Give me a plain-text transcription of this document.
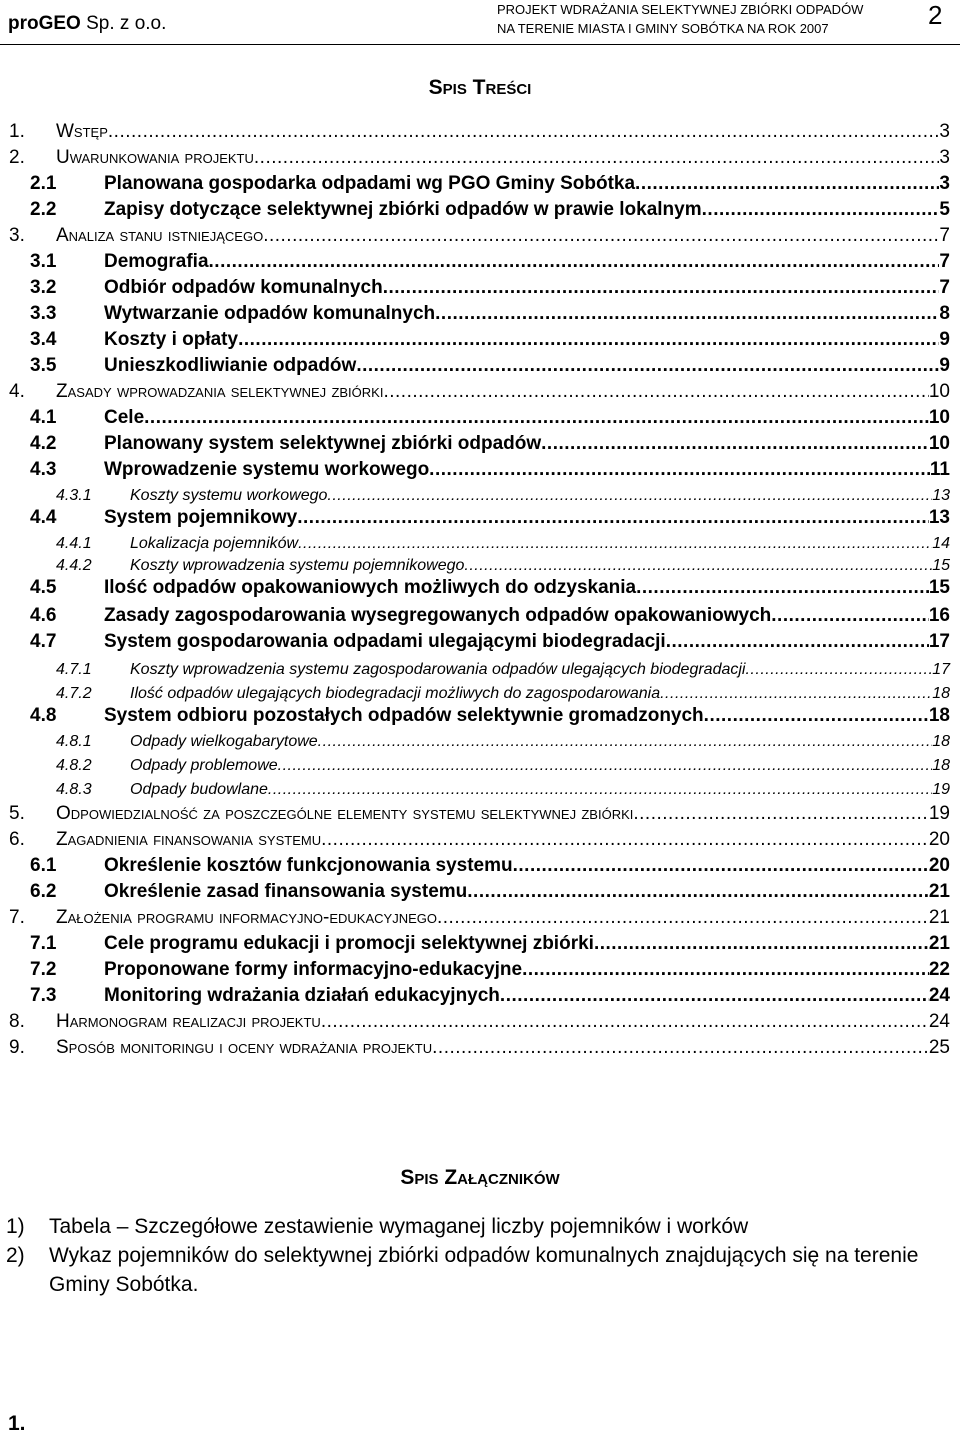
proGEO Sp. z o.o.
PROJEKT WDRAŻANIA SELEKTYWNEJ ZBIÓRKI ODPADÓW
NA TERENIE MIASTA I GMINY SOBÓTKA NA ROK 2007	2
Spis Treści
1. Wstęp .....	3
2. Uwarunkowania projektu .....	3
2.1	Planowana gospodarka odpadami wg PGO Gminy Sobótka .....	3
2.2	Zapisy dotyczące selektywnej zbiórki odpadów w prawie lokalnym .....	5
3. Analiza stanu istniejącego .....	7
3.1	Demografia .....	7
3.2	Odbiór odpadów komunalnych .....	7
3.3	Wytwarzanie odpadów komunalnych .....	8
3.4	Koszty i opłaty .....	9
3.5	Unieszkodliwianie odpadów .....	9
4. Zasady wprowadzania selektywnej zbiórki .....	10
4.1	Cele .....	10
4.2	Planowany system selektywnej zbiórki odpadów .....	10
4.3	Wprowadzenie systemu workowego .....	11
4.3.1 Koszty systemu workowego .....	13
4.4	System pojemnikowy .....	13
4.4.1 Lokalizacja pojemników .....	14
4.4.2 Koszty wprowadzenia systemu pojemnikowego .....	15
4.5	Ilość odpadów opakowaniowych możliwych do odzyskania .....	15
4.6	Zasady zagospodarowania wysegregowanych odpadów opakowaniowych .....	16
4.7	System gospodarowania odpadami ulegającymi biodegradacji .....	17
4.7.1 Koszty wprowadzenia systemu zagospodarowania odpadów ulegających biodegradacji .....	17
4.7.2 Ilość odpadów ulegających biodegradacji możliwych do zagospodarowania .....	18
4.8	System odbioru pozostałych odpadów selektywnie gromadzonych .....	18
4.8.1 Odpady wielkogabarytowe .....	18
4.8.2 Odpady problemowe .....	18
4.8.3 Odpady budowlane .....	19
5. Odpowiedzialność za poszczególne elementy systemu selektywnej zbiórki .....	19
6. Zagadnienia finansowania systemu .....	20
6.1	Określenie kosztów funkcjonowania systemu .....	20
6.2	Określenie zasad finansowania systemu .....	21
7. Założenia programu informacyjno-edukacyjnego .....	21
7.1	Cele programu edukacji i promocji selektywnej zbiórki .....	21
7.2	Proponowane formy informacyjno-edukacyjne .....	22
7.3	Monitoring wdrażania działań edukacyjnych .....	24
8. Harmonogram realizacji projektu .....	24
9. Sposób monitoringu i oceny wdrażania projektu .....	25
Spis Załączników
1) Tabela – Szczegółowe zestawienie wymaganej liczby pojemników i worków
2) Wykaz pojemników do selektywnej zbiórki odpadów komunalnych znajdujących się na terenie Gminy Sobótka.
1.
